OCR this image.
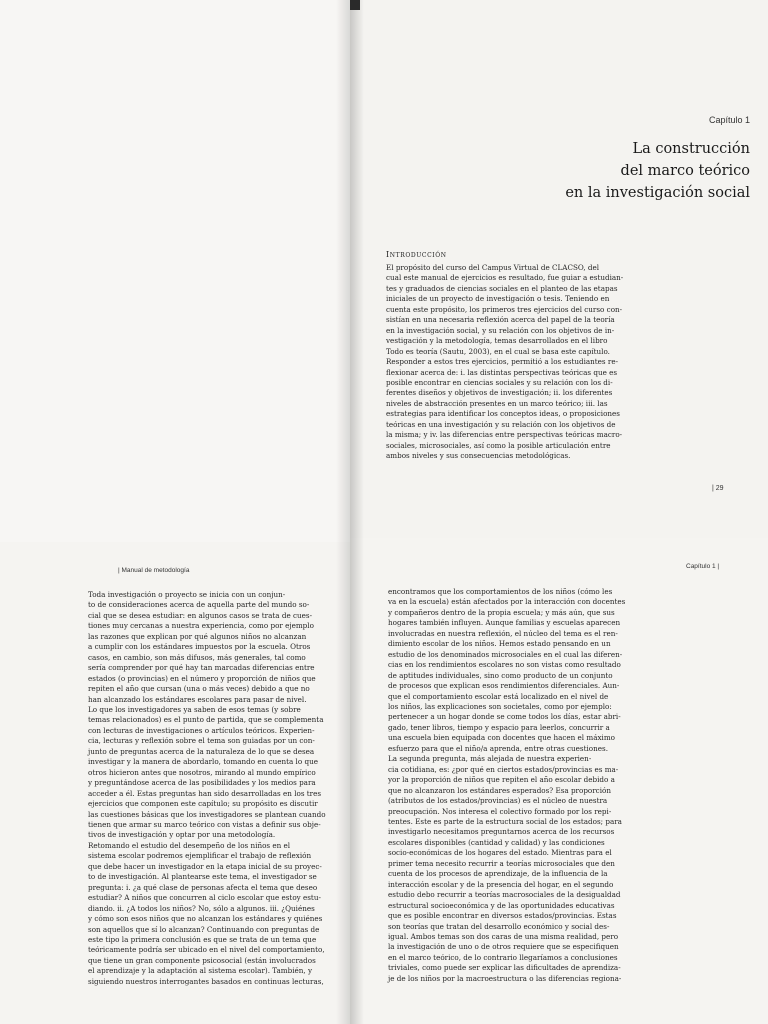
Capítulo 1
La construcción
del marco teórico
en la investigación social
Introducción
El propósito del curso del Campus Virtual de CLACSO, del
cual este manual de ejercicios es resultado, fue guiar a estudian-
tes y graduados de ciencias sociales en el planteo de las etapas
iniciales de un proyecto de investigación o tesis. Teniendo en
cuenta este propósito, los primeros tres ejercicios del curso con-
sistían en una necesaria reflexión acerca del papel de la teoría
en la investigación social, y su relación con los objetivos de in-
vestigación y la metodología, temas desarrollados en el libro
Todo es teoría (Sautu, 2003), en el cual se basa este capítulo.
Responder a estos tres ejercicios, permitió a los estudiantes re-
flexionar acerca de: i. las distintas perspectivas teóricas que es
posible encontrar en ciencias sociales y su relación con los di-
ferentes diseños y objetivos de investigación; ii. los diferentes
niveles de abstracción presentes en un marco teórico; iii. las
estrategias para identificar los conceptos ideas, o proposiciones
teóricas en una investigación y su relación con los objetivos de
la misma; y iv. las diferencias entre perspectivas teóricas macro-
sociales, microsociales, así como la posible articulación entre
ambos niveles y sus consecuencias metodológicas.
| 29
| Manual de metodología
Toda investigación o proyecto se inicia con un conjun-
to de consideraciones acerca de aquella parte del mundo so-
cial que se desea estudiar: en algunos casos se trata de cues-
tiones muy cercanas a nuestra experiencia, como por ejemplo
las razones que explican por qué algunos niños no alcanzan
a cumplir con los estándares impuestos por la escuela. Otros
casos, en cambio, son más difusos, más generales, tal como
sería comprender por qué hay tan marcadas diferencias entre
estados (o provincias) en el número y proporción de niños que
repiten el año que cursan (una o más veces) debido a que no
han alcanzado los estándares escolares para pasar de nivel.
Lo que los investigadores ya saben de esos temas (y sobre
temas relacionados) es el punto de partida, que se complementa
con lecturas de investigaciones o artículos teóricos. Experien-
cia, lecturas y reflexión sobre el tema son guiadas por un con-
junto de preguntas acerca de la naturaleza de lo que se desea
investigar y la manera de abordarlo, tomando en cuenta lo que
otros hicieron antes que nosotros, mirando al mundo empírico
y preguntándose acerca de las posibilidades y los medios para
acceder a él. Estas preguntas han sido desarrolladas en los tres
ejercicios que componen este capítulo; su propósito es discutir
las cuestiones básicas que los investigadores se plantean cuando
tienen que armar su marco teórico con vistas a definir sus obje-
tivos de investigación y optar por una metodología.
Retomando el estudio del desempeño de los niños en el
sistema escolar podremos ejemplificar el trabajo de reflexión
que debe hacer un investigador en la etapa inicial de su proyec-
to de investigación. Al plantearse este tema, el investigador se
pregunta: i. ¿a qué clase de personas afecta el tema que deseo
estudiar? A niños que concurren al ciclo escolar que estoy estu-
diando. ii. ¿A todos los niños? No, sólo a algunos. iii. ¿Quiénes
y cómo son esos niños que no alcanzan los estándares y quiénes
son aquellos que sí lo alcanzan? Continuando con preguntas de
este tipo la primera conclusión es que se trata de un tema que
teóricamente podría ser ubicado en el nivel del comportamiento,
que tiene un gran componente psicosocial (están involucrados
el aprendizaje y la adaptación al sistema escolar). También, y
siguiendo nuestros interrogantes basados en continuas lecturas,
Capítulo 1 |
encontramos que los comportamientos de los niños (cómo les
va en la escuela) están afectados por la interacción con docentes
y compañeros dentro de la propia escuela; y más aún, que sus
hogares también influyen. Aunque familias y escuelas aparecen
involucradas en nuestra reflexión, el núcleo del tema es el ren-
dimiento escolar de los niños. Hemos estado pensando en un
estudio de los denominados microsociales en el cual las diferen-
cias en los rendimientos escolares no son vistas como resultado
de aptitudes individuales, sino como producto de un conjunto
de procesos que explican esos rendimientos diferenciales. Aun-
que el comportamiento escolar está localizado en el nivel de
los niños, las explicaciones son societales, como por ejemplo:
pertenecer a un hogar donde se come todos los días, estar abri-
gado, tener libros, tiempo y espacio para leerlos, concurrir a
una escuela bien equipada con docentes que hacen el máximo
esfuerzo para que el niño/a aprenda, entre otras cuestiones.
La segunda pregunta, más alejada de nuestra experien-
cia cotidiana, es: ¿por qué en ciertos estados/provincias es ma-
yor la proporción de niños que repiten el año escolar debido a
que no alcanzaron los estándares esperados? Esa proporción
(atributos de los estados/provincias) es el núcleo de nuestra
preocupación. Nos interesa el colectivo formado por los repi-
tentes. Este es parte de la estructura social de los estados; para
investigarlo necesitamos preguntarnos acerca de los recursos
escolares disponibles (cantidad y calidad) y las condiciones
socio-económicas de los hogares del estado. Mientras para el
primer tema necesito recurrir a teorías microsociales que den
cuenta de los procesos de aprendizaje, de la influencia de la
interacción escolar y de la presencia del hogar, en el segundo
estudio debo recurrir a teorías macrosociales de la desigualdad
estructural socioeconómica y de las oportunidades educativas
que es posible encontrar en diversos estados/provincias. Estas
son teorías que tratan del desarrollo económico y social des-
igual. Ambos temas son dos caras de una misma realidad, pero
la investigación de uno o de otros requiere que se especifiquen
en el marco teórico, de lo contrario llegaríamos a conclusiones
triviales, como puede ser explicar las dificultades de aprendiza-
je de los niños por la macroestructura o las diferencias regiona-
